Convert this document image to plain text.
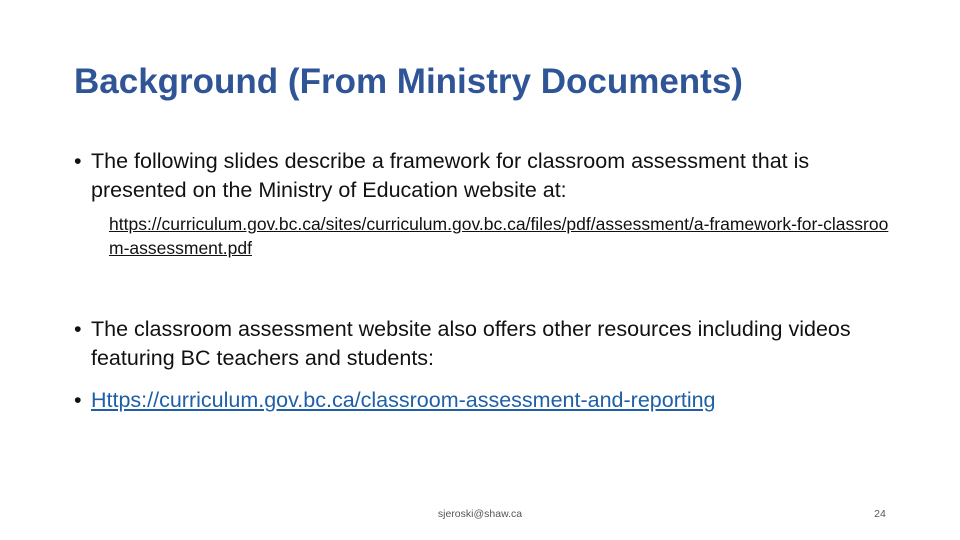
Background (From Ministry Documents)
• The following slides describe a framework for classroom assessment that is presented on the Ministry of Education website at:
https://curriculum.gov.bc.ca/sites/curriculum.gov.bc.ca/files/pdf/assessment/a-framework-for-classroom-assessment.pdf
• The classroom assessment website also offers other resources including videos featuring BC teachers and students:
• Https://curriculum.gov.bc.ca/classroom-assessment-and-reporting
sjeroski@shaw.ca	24
